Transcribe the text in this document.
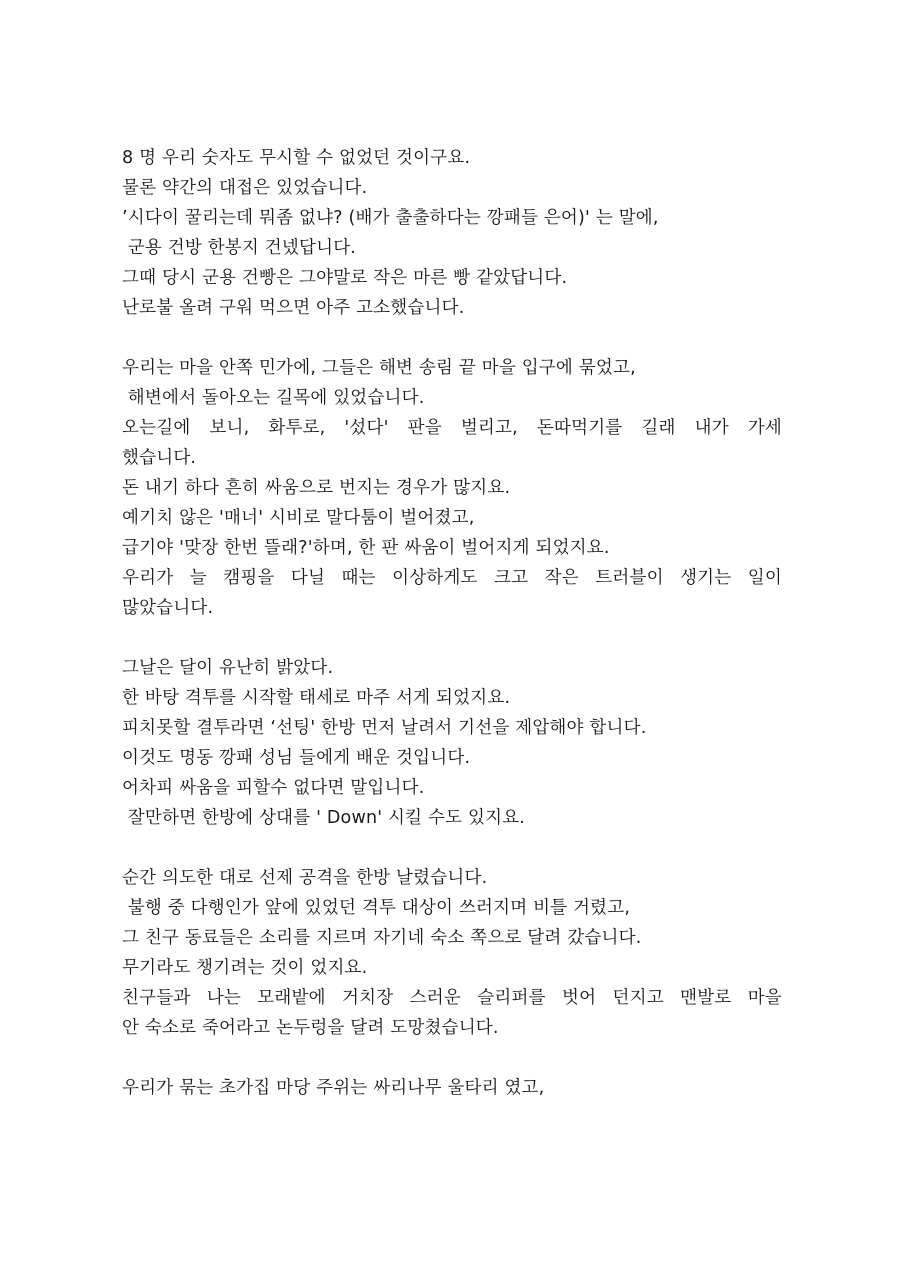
8 명 우리 숫자도 무시할 수 없었던 것이구요.
물론 약간의 대접은 있었습니다.
’시다이 꿀리는데 뭐좀 없냐? (배가 출출하다는 깡패들 은어)' 는 말에,
군용 건방 한봉지 건넸답니다.
그때 당시 군용 건빵은 그야말로 작은 마른 빵 같았답니다.
난로불 올려 구워 먹으면 아주 고소했습니다.
우리는 마을 안쪽 민가에, 그들은 해변 송림 끝 마을 입구에 묶었고,
해변에서 돌아오는 길목에 있었습니다.
오는길에 보니, 화투로, '섰다' 판을 벌리고, 돈따먹기를 길래 내가 가세
했습니다.
돈 내기 하다 흔히 싸움으로 번지는 경우가 많지요.
예기치 않은 '매너' 시비로 말다툼이 벌어졌고,
급기야 '맞장 한번 뜰래?'하며, 한 판 싸움이 벌어지게 되었지요.
우리가 늘 캠핑을 다닐 때는 이상하게도 크고 작은 트러블이 생기는 일이
많았습니다.
그날은 달이 유난히 밝았다.
한 바탕 격투를 시작할 태세로 마주 서게 되었지요.
피치못할 결투라면 ‘선팅' 한방 먼저 날려서 기선을 제압해야 합니다.
이것도 명동 깡패 성님 들에게 배운 것입니다.
어차피 싸움을 피할수 없다면 말입니다.
잘만하면 한방에 상대를 ' Down' 시킬 수도 있지요.
순간 의도한 대로 선제 공격을 한방 날렸습니다.
불행 중 다행인가 앞에 있었던 격투 대상이 쓰러지며 비틀 거렸고,
그 친구 동료들은 소리를 지르며 자기네 숙소 쪽으로 달려 갔습니다.
무기라도 챙기려는 것이 었지요.
친구들과 나는 모래밭에 거치장 스러운 슬리퍼를 벗어 던지고 맨발로 마을
안 숙소로 죽어라고 논두렁을 달려 도망쳤습니다.
우리가 묶는 초가집 마당 주위는 싸리나무 울타리 였고,
